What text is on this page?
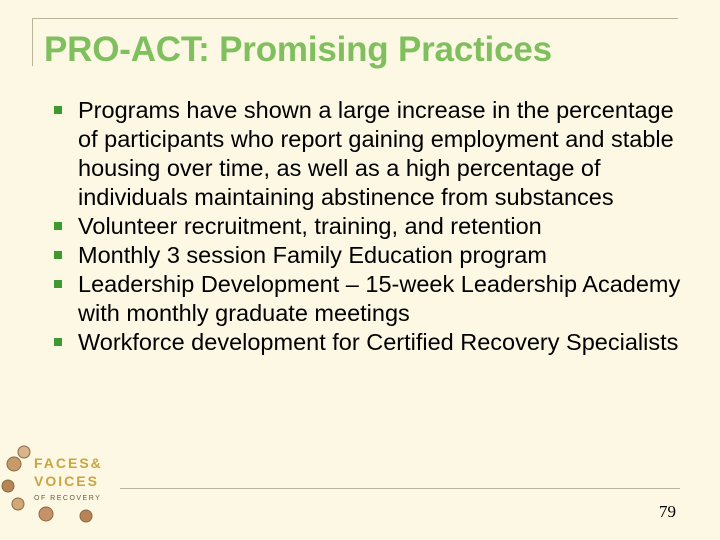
PRO-ACT: Promising Practices
Programs have shown a large increase in the percentage of participants who report gaining employment and stable housing over time, as well as a high percentage of individuals maintaining abstinence from substances
Volunteer recruitment, training, and retention
Monthly 3 session Family Education program
Leadership Development – 15-week Leadership Academy with monthly graduate meetings
Workforce development for Certified Recovery Specialists
FACES&
VOICES
OF RECOVERY
79
